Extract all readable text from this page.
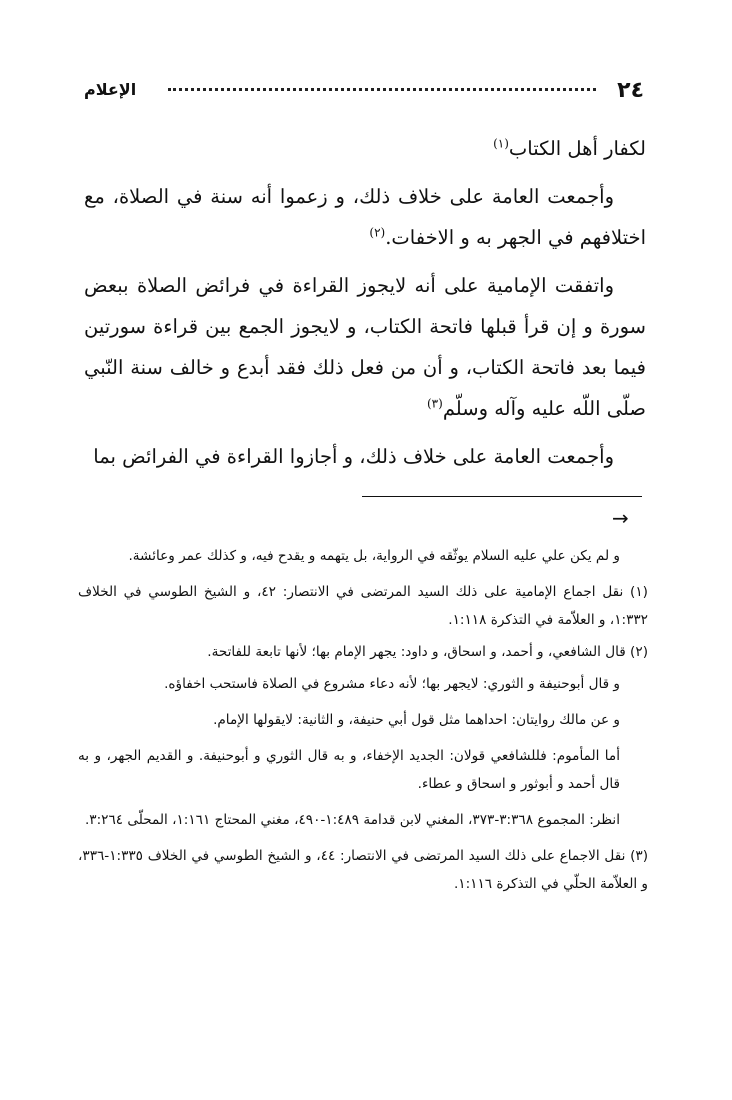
٢٤
الإعلام

لكفار أهل الكتاب$^{(١)}$

وأجمعت العامة على خلاف ذلك، و زعموا أنه سنة في الصلاة، مع اختلافهم في الجهر به و الاخفات.$^{(٢)}$

واتفقت الإمامية على أنه لايجوز القراءة في فرائض الصلاة ببعض سورة و إن قرأ قبلها فاتحة الكتاب، و لايجوز الجمع بين قراءة سورتين فيما بعد فاتحة الكتاب، و أن من فعل ذلك فقد أبدع و خالف سنة النّبي صلّى اللّه عليه وآله وسلّم$^{(٣)}$

وأجمعت العامة على خلاف ذلك، و أجازوا القراءة في الفرائض بما

→

و لم يكن علي عليه السلام يوثّقه في الرواية، بل يتهمه و يقدح فيه، و كذلك عمر وعائشة.

(١) نقل اجماع الإمامية على ذلك السيد المرتضى في الانتصار: ٤٢، و الشيخ الطوسي في الخلاف ١:٣٣٢، و العلاّمة في التذكرة ١:١١٨.

(٢) قال الشافعي، و أحمد، و اسحاق، و داود: يجهر الإمام بها؛ لأنها تابعة للفاتحة.

و قال أبوحنيفة و الثوري: لايجهر بها؛ لأنه دعاء مشروع في الصلاة فاستحب اخفاؤه.

و عن مالك روايتان: احداهما مثل قول أبي حنيفة، و الثانية: لايقولها الإمام.

أما المأموم: فللشافعي قولان: الجديد الإخفاء، و به قال الثوري و أبوحنيفة. و القديم الجهر، و به قال أحمد و أبوثور و اسحاق و عطاء.

انظر: المجموع ٣:٣٦٨-٣٧٣، المغني لابن قدامة ١:٤٨٩-٤٩٠، مغني المحتاج ١:١٦١، المحلّى ٣:٢٦٤.

(٣) نقل الاجماع على ذلك السيد المرتضى في الانتصار: ٤٤، و الشيخ الطوسي في الخلاف ١:٣٣٥-٣٣٦، و العلاّمة الحلّي في التذكرة ١:١١٦.
